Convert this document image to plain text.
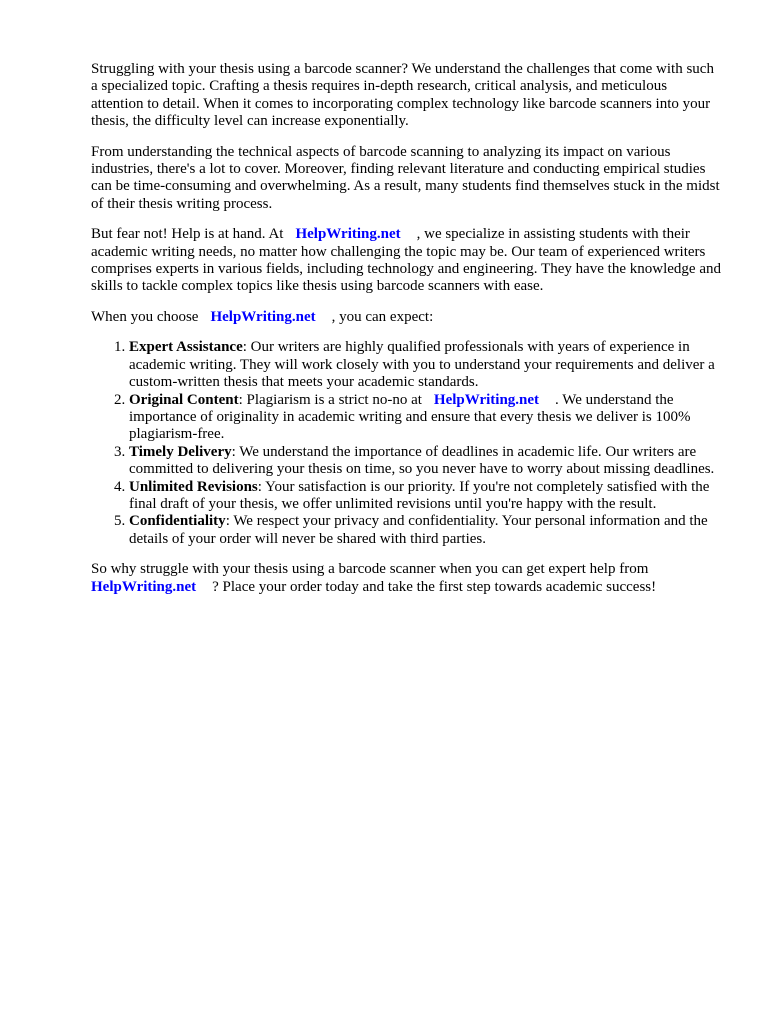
Struggling with your thesis using a barcode scanner? We understand the challenges that come with such a specialized topic. Crafting a thesis requires in-depth research, critical analysis, and meticulous attention to detail. When it comes to incorporating complex technology like barcode scanners into your thesis, the difficulty level can increase exponentially.

From understanding the technical aspects of barcode scanning to analyzing its impact on various industries, there's a lot to cover. Moreover, finding relevant literature and conducting empirical studies can be time-consuming and overwhelming. As a result, many students find themselves stuck in the midst of their thesis writing process.

But fear not! Help is at hand. At HelpWriting.net , we specialize in assisting students with their academic writing needs, no matter how challenging the topic may be. Our team of experienced writers comprises experts in various fields, including technology and engineering. They have the knowledge and skills to tackle complex topics like thesis using barcode scanners with ease.

When you choose HelpWriting.net , you can expect:

1. Expert Assistance: Our writers are highly qualified professionals with years of experience in academic writing. They will work closely with you to understand your requirements and deliver a custom-written thesis that meets your academic standards.
2. Original Content: Plagiarism is a strict no-no at HelpWriting.net . We understand the importance of originality in academic writing and ensure that every thesis we deliver is 100% plagiarism-free.
3. Timely Delivery: We understand the importance of deadlines in academic life. Our writers are committed to delivering your thesis on time, so you never have to worry about missing deadlines.
4. Unlimited Revisions: Your satisfaction is our priority. If you're not completely satisfied with the final draft of your thesis, we offer unlimited revisions until you're happy with the result.
5. Confidentiality: We respect your privacy and confidentiality. Your personal information and the details of your order will never be shared with third parties.

So why struggle with your thesis using a barcode scanner when you can get expert help from HelpWriting.net ? Place your order today and take the first step towards academic success!
